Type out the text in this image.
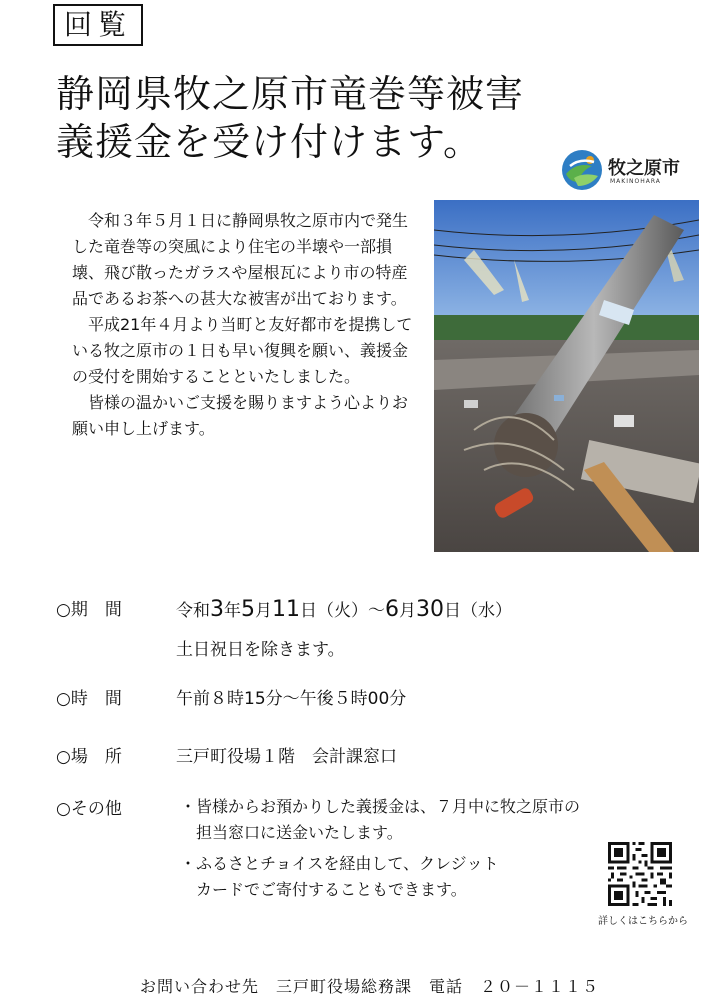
回覧
静岡県牧之原市竜巻等被害
義援金を受け付けます。
牧之原市
MAKINOHARA

令和３年５月１日に静岡県牧之原市内で発生した竜巻等の突風により住宅の半壊や一部損壊、飛び散ったガラスや屋根瓦により市の特産品であるお茶への甚大な被害が出ております。

平成21年４月より当町と友好都市を提携している牧之原市の１日も早い復興を願い、義援金の受付を開始することといたしました。

皆様の温かいご支援を賜りますよう心よりお願い申し上げます。

○期　間	令和3年5月11日（火）～6月30日（水）
土日祝日を除きます。
○時　間	午前８時15分～午後５時00分
○場　所	三戸町役場１階　会計課窓口
○その他	・皆様からお預かりした義援金は、７月中に牧之原市の
　担当窓口に送金いたします。
・ふるさとチョイスを経由して、クレジット
　カードでご寄付することもできます。
詳しくはこちらから
お問い合わせ先　三戸町役場総務課　電話　２０－１１１５
